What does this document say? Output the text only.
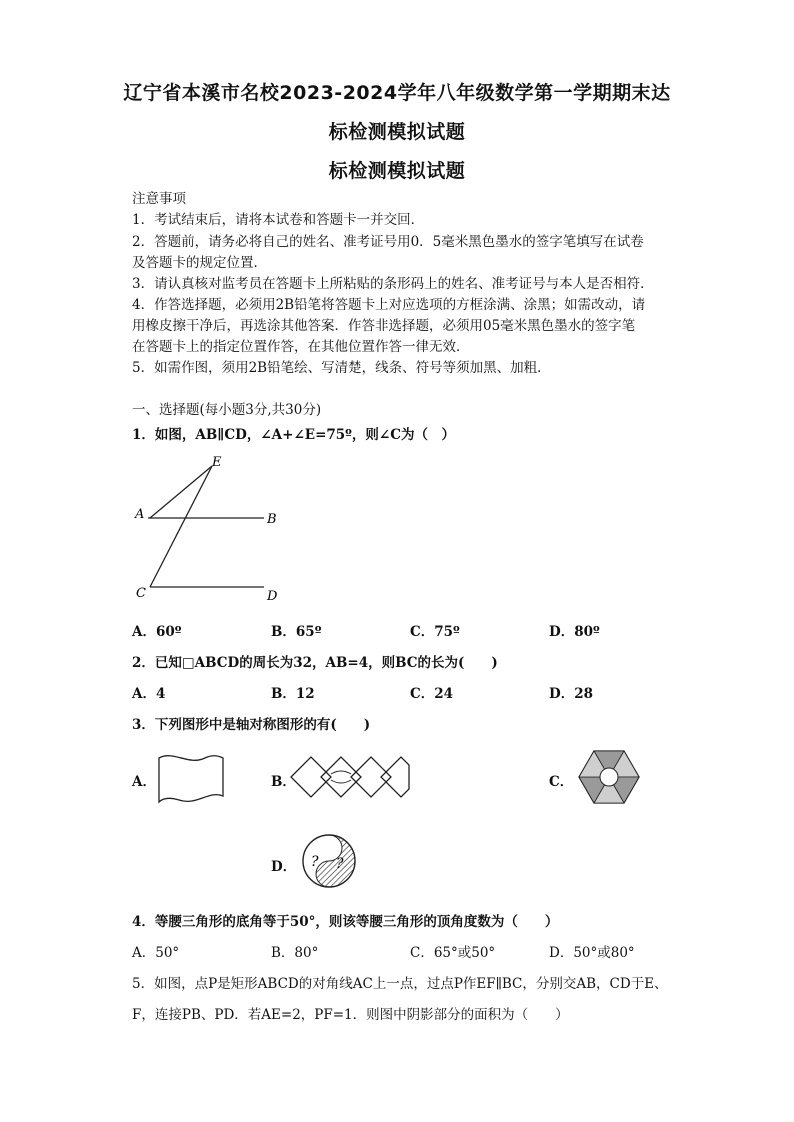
辽宁省本溪市名校2023-2024学年八年级数学第一学期期末达
标检测模拟试题
标检测模拟试题
注意事项
1．考试结束后，请将本试卷和答题卡一并交回．
2．答题前，请务必将自己的姓名、准考证号用0．5毫米黑色墨水的签字笔填写在试卷
及答题卡的规定位置．
3．请认真核对监考员在答题卡上所粘贴的条形码上的姓名、准考证号与本人是否相符．
4．作答选择题，必须用2B铅笔将答题卡上对应选项的方框涂满、涂黑；如需改动，请
用橡皮擦干净后，再选涂其他答案．作答非选择题，必须用05毫米黑色墨水的签字笔
在答题卡上的指定位置作答，在其他位置作答一律无效．
5．如需作图，须用2B铅笔绘、写清楚，线条、符号等须加黑、加粗．
一、选择题(每小题3分,共30分)
1．如图，AB∥CD，∠A+∠E=75º，则∠C为（　）
E
A	B
C	D
A．60º	B．65º	C．75º	D．80º
2．已知□ABCD的周长为32，AB=4，则BC的长为(　　)
A．4	B．12	C．24	D．28
3．下列图形中是轴对称图形的有(　　)
A．	B．	C．
D． ? ?
4．等腰三角形的底角等于50°，则该等腰三角形的顶角度数为（　　）
A．50°	B．80°	C．65°或50°	D．50°或80°
5．如图，点P是矩形ABCD的对角线AC上一点，过点P作EF∥BC，分别交AB，CD于E、
F，连接PB、PD．若AE=2，PF=1．则图中阴影部分的面积为（　　）
